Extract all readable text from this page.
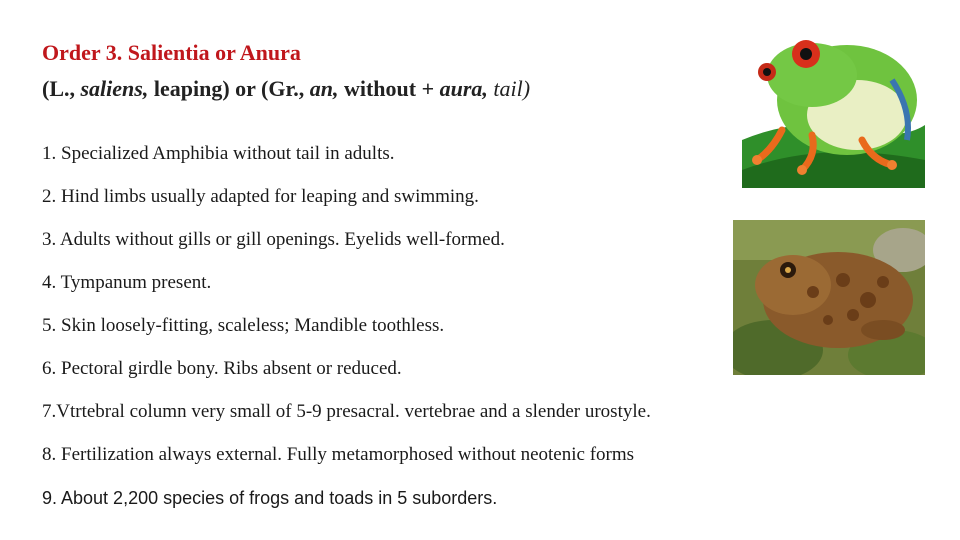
Order 3. Salientia or Anura
(L., saliens, leaping) or (Gr., an, without + aura, tail)
1. Specialized Amphibia without tail in adults.
2. Hind limbs usually adapted for leaping and swimming.
3. Adults without gills or gill openings. Eyelids well-formed.
4. Tympanum present.
5. Skin loosely-fitting, scaleless; Mandible toothless.
6. Pectoral girdle bony. Ribs absent or reduced.
7.Vtrtebral column very small of 5-9 presacral. vertebrae and a slender urostyle.
8. Fertilization always external. Fully metamorphosed without neotenic forms
9. About 2,200 species of frogs and toads in 5 suborders.
